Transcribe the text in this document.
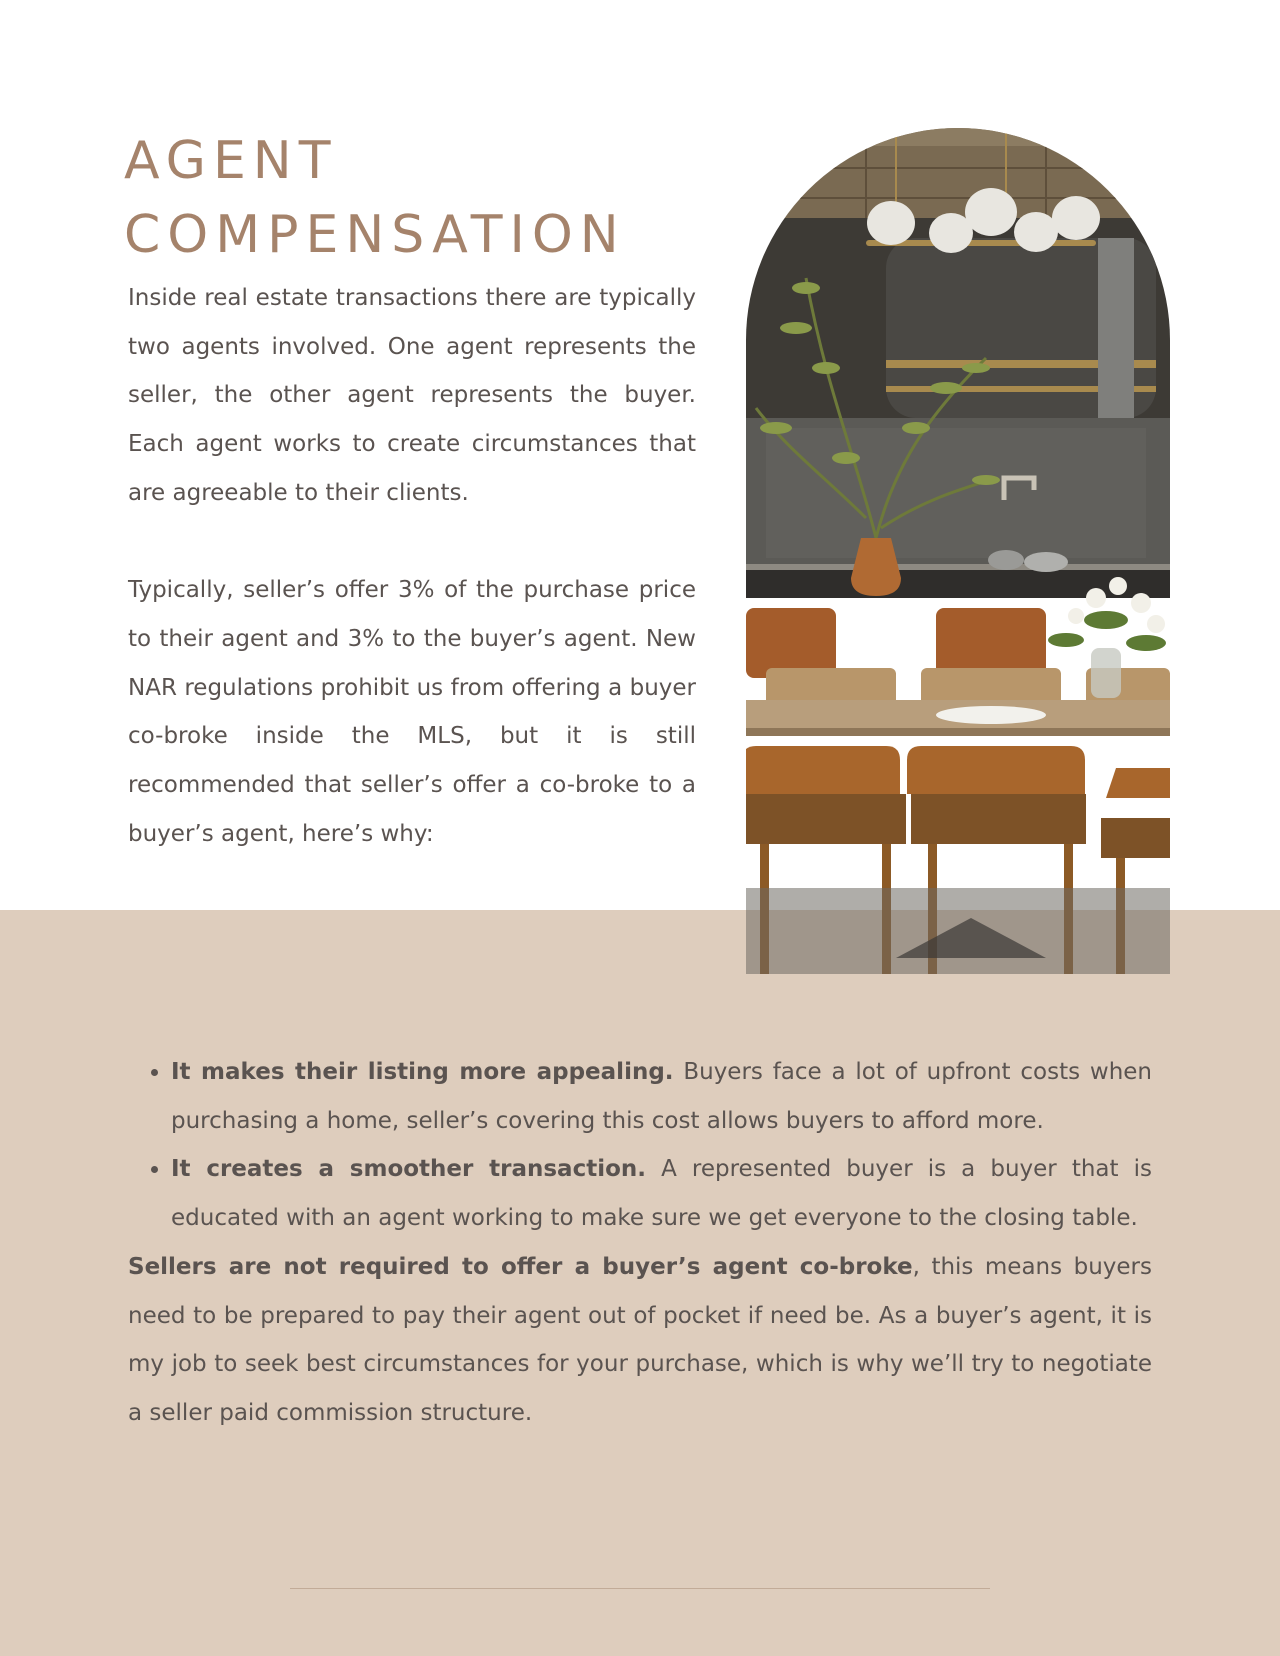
AGENT
COMPENSATION

Inside real estate transactions there are typically two agents involved. One agent represents the seller, the other agent represents the buyer. Each agent works to create circumstances that are agreeable to their clients.

Typically, seller’s offer 3% of the purchase price to their agent and 3% to the buyer’s agent. New NAR regulations prohibit us from offering a buyer co-broke inside the MLS, but it is still recommended that seller’s offer a co-broke to a buyer’s agent, here’s why:

• It makes their listing more appealing. Buyers face a lot of upfront costs when purchasing a home, seller’s covering this cost allows buyers to afford more.
• It creates a smoother transaction. A represented buyer is a buyer that is educated with an agent working to make sure we get everyone to the closing table.

Sellers are not required to offer a buyer’s agent co-broke, this means buyers need to be prepared to pay their agent out of pocket if need be. As a buyer’s agent, it is my job to seek best circumstances for your purchase, which is why we’ll try to negotiate a seller paid commission structure.
